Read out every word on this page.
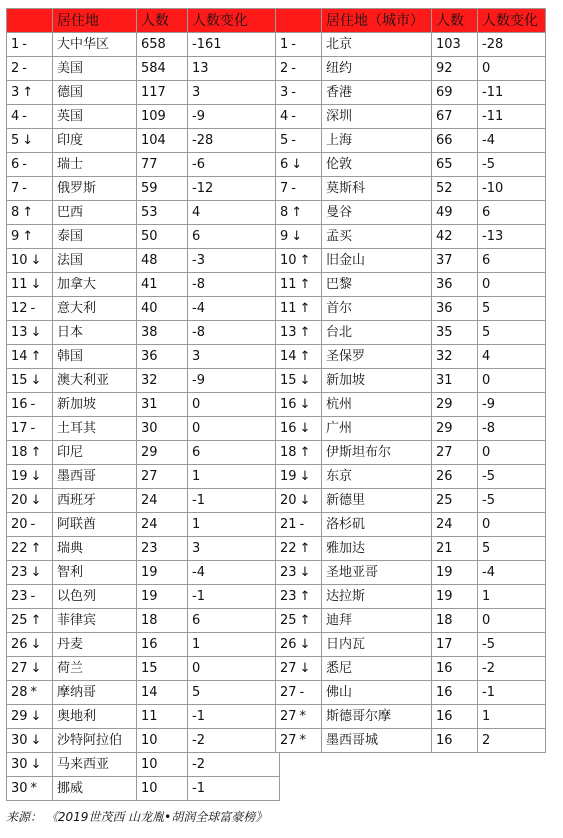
	居住地	人数	人数变化
1 -	大中华区	658	-161
2 -	美国	584	13
3 ↑	德国	117	3
4 -	英国	109	-9
5 ↓	印度	104	-28
6 -	瑞士	77	-6
7 -	俄罗斯	59	-12
8 ↑	巴西	53	4
9 ↑	泰国	50	6
10 ↓	法国	48	-3
11 ↓	加拿大	41	-8
12 -	意大利	40	-4
13 ↓	日本	38	-8
14 ↑	韩国	36	3
15 ↓	澳大利亚	32	-9
16 -	新加坡	31	0
17 -	土耳其	30	0
18 ↑	印尼	29	6
19 ↓	墨西哥	27	1
20 ↓	西班牙	24	-1
20 -	阿联酋	24	1
22 ↑	瑞典	23	3
23 ↓	智利	19	-4
23 -	以色列	19	-1
25 ↑	菲律宾	18	6
26 ↓	丹麦	16	1
27 ↓	荷兰	15	0
28 *	摩纳哥	14	5
29 ↓	奥地利	11	-1
30 ↓	沙特阿拉伯	10	-2
30 ↓	马来西亚	10	-2
30 *	挪威	10	-1
	居住地（城市）	人数	人数变化
1 -	北京	103	-28
2 -	纽约	92	0
3 -	香港	69	-11
4 -	深圳	67	-11
5 -	上海	66	-4
6 ↓	伦敦	65	-5
7 -	莫斯科	52	-10
8 ↑	曼谷	49	6
9 ↓	孟买	42	-13
10 ↑	旧金山	37	6
11 ↑	巴黎	36	0
11 ↑	首尔	36	5
13 ↑	台北	35	5
14 ↑	圣保罗	32	4
15 ↓	新加坡	31	0
16 ↓	杭州	29	-9
16 ↓	广州	29	-8
18 ↑	伊斯坦布尔	27	0
19 ↓	东京	26	-5
20 ↓	新德里	25	-5
21 -	洛杉矶	24	0
22 ↑	雅加达	21	5
23 ↓	圣地亚哥	19	-4
23 ↑	达拉斯	19	1
25 ↑	迪拜	18	0
26 ↓	日内瓦	17	-5
27 ↓	悉尼	16	-2
27 -	佛山	16	-1
27 *	斯德哥尔摩	16	1
27 *	墨西哥城	16	2
来源： 《2019世茂西 山龙胤•胡润全球富豪榜》
